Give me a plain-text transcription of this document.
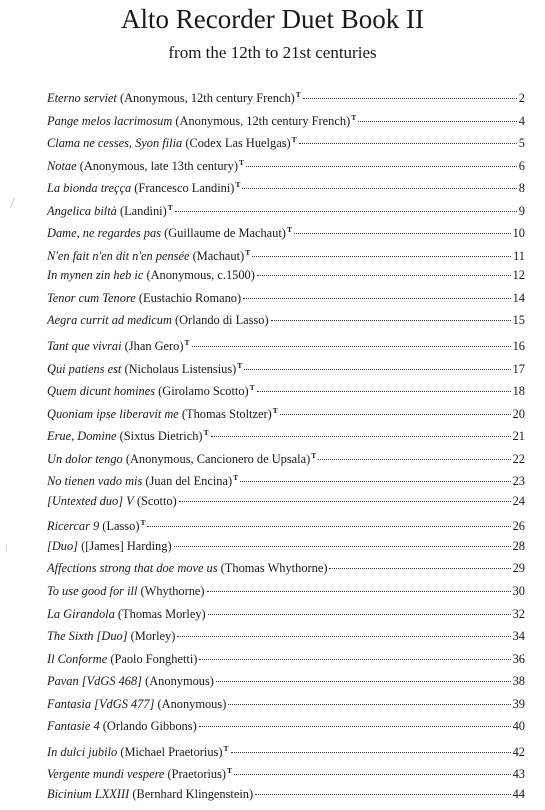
Alto Recorder Duet Book II
from the 12th to 21st centuries
Eterno serviet (Anonymous, 12th century French)$^T$	2
Pange melos lacrimosum (Anonymous, 12th century French)$^T$	4
Clama ne cesses, Syon filia (Codex Las Huelgas)$^T$	5
Notae (Anonymous, late 13th century)$^T$	6
La bionda treçça (Francesco Landini)$^T$	8
Angelica biltà (Landini)$^T$	9
Dame, ne regardes pas (Guillaume de Machaut)$^T$	10
N'en fait n'en dit n'en pensée (Machaut)$^T$	11
In mynen zin heb ic (Anonymous, c.1500)	12
Tenor cum Tenore (Eustachio Romano)	14
Aegra currit ad medicum (Orlando di Lasso)	15
Tant que vivrai (Jhan Gero)$^T$	16
Qui patiens est (Nicholaus Listensius)$^T$	17
Quem dicunt homines (Girolamo Scotto)$^T$	18
Quoniam ipse liberavit me (Thomas Stoltzer)$^T$	20
Erue, Domine (Sixtus Dietrich)$^T$	21
Un dolor tengo (Anonymous, Cancionero de Upsala)$^T$	22
No tienen vado mis (Juan del Encina)$^T$	23
[Untexted duo] V (Scotto)	24
Ricercar 9 (Lasso)$^T$	26
[Duo] ([James] Harding)	28
Affections strong that doe move us (Thomas Whythorne)	29
To use good for ill (Whythorne)	30
La Girandola (Thomas Morley)	32
The Sixth [Duo] (Morley)	34
Il Conforme (Paolo Fonghetti)	36
Pavan [VdGS 468] (Anonymous)	38
Fantasia [VdGS 477] (Anonymous)	39
Fantasie 4 (Orlando Gibbons)	40
In dulci jubilo (Michael Praetorius)$^T$	42
Vergente mundi vespere (Praetorius)$^T$	43
Bicinium LXXIII (Bernhard Klingenstein)	44
